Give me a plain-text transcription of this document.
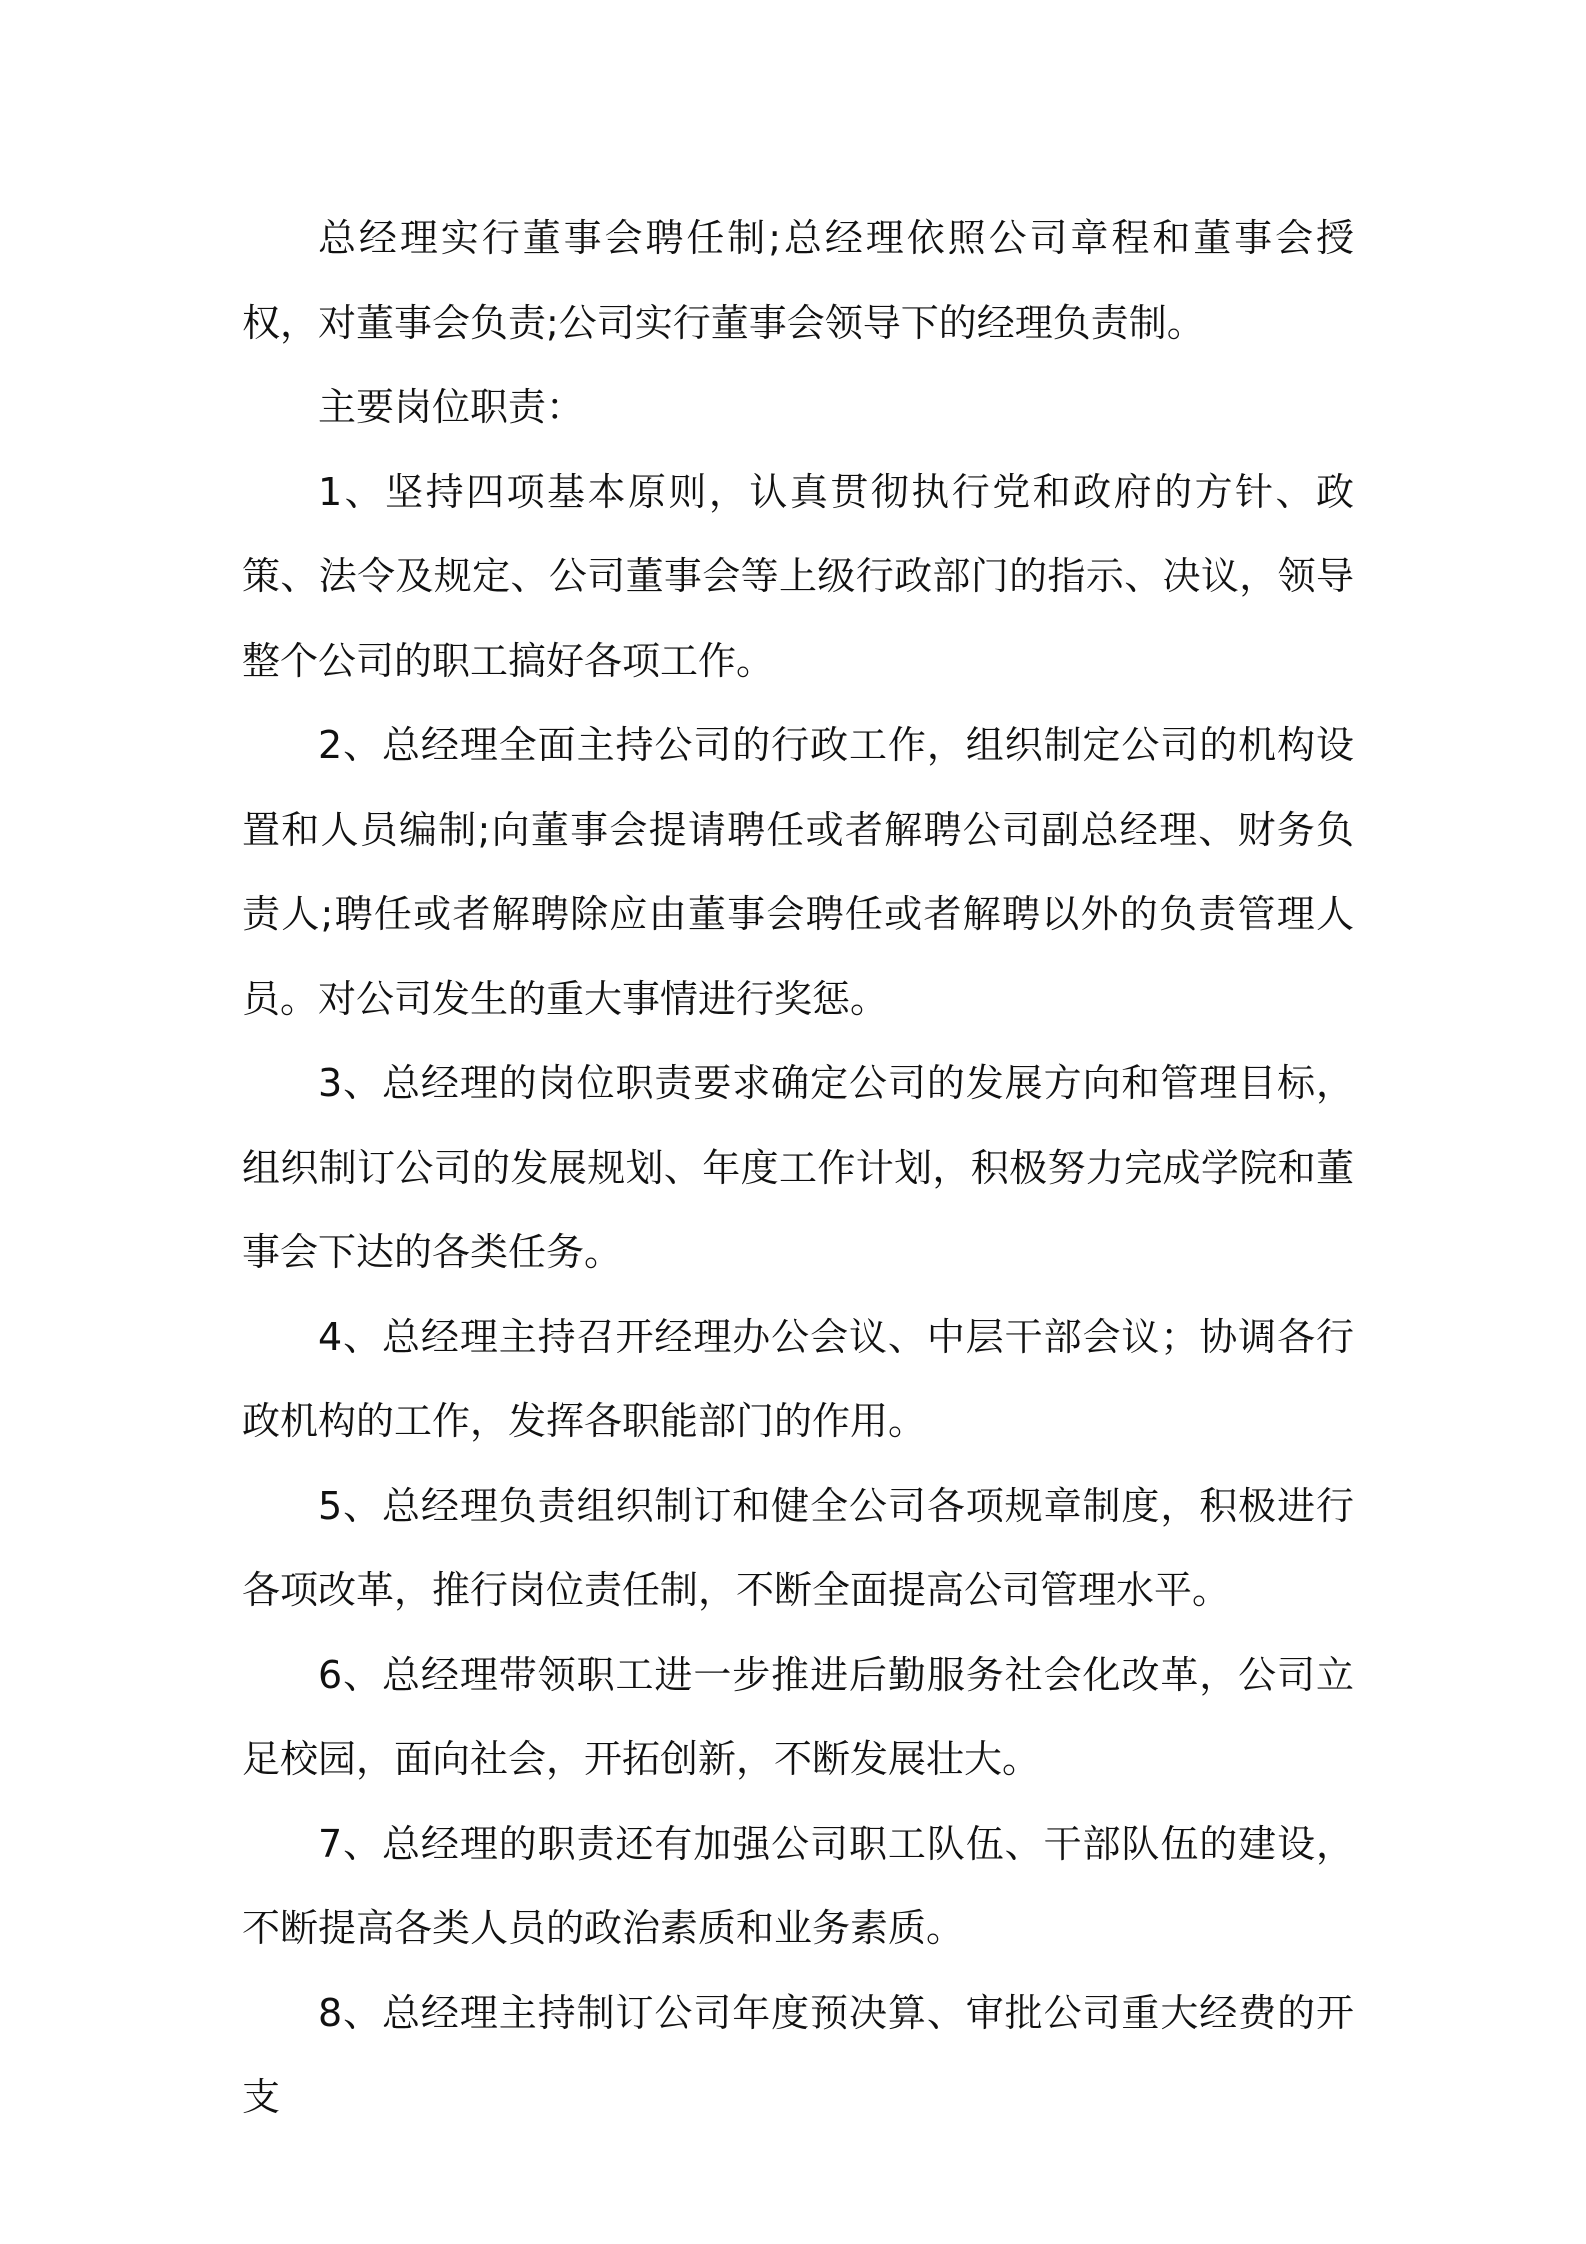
总经理实行董事会聘任制;总经理依照公司章程和董事会授权，对董事会负责;公司实行董事会领导下的经理负责制。

主要岗位职责：

1、坚持四项基本原则，认真贯彻执行党和政府的方针、政策、法令及规定、公司董事会等上级行政部门的指示、决议，领导整个公司的职工搞好各项工作。

2、总经理全面主持公司的行政工作，组织制定公司的机构设置和人员编制;向董事会提请聘任或者解聘公司副总经理、财务负责人;聘任或者解聘除应由董事会聘任或者解聘以外的负责管理人员。对公司发生的重大事情进行奖惩。

3、总经理的岗位职责要求确定公司的发展方向和管理目标，组织制订公司的发展规划、年度工作计划，积极努力完成学院和董事会下达的各类任务。

4、总经理主持召开经理办公会议、中层干部会议；协调各行政机构的工作，发挥各职能部门的作用。

5、总经理负责组织制订和健全公司各项规章制度，积极进行各项改革，推行岗位责任制，不断全面提高公司管理水平。

6、总经理带领职工进一步推进后勤服务社会化改革，公司立足校园，面向社会，开拓创新，不断发展壮大。

7、总经理的职责还有加强公司职工队伍、干部队伍的建设，不断提高各类人员的政治素质和业务素质。

8、总经理主持制订公司年度预决算、审批公司重大经费的开支
